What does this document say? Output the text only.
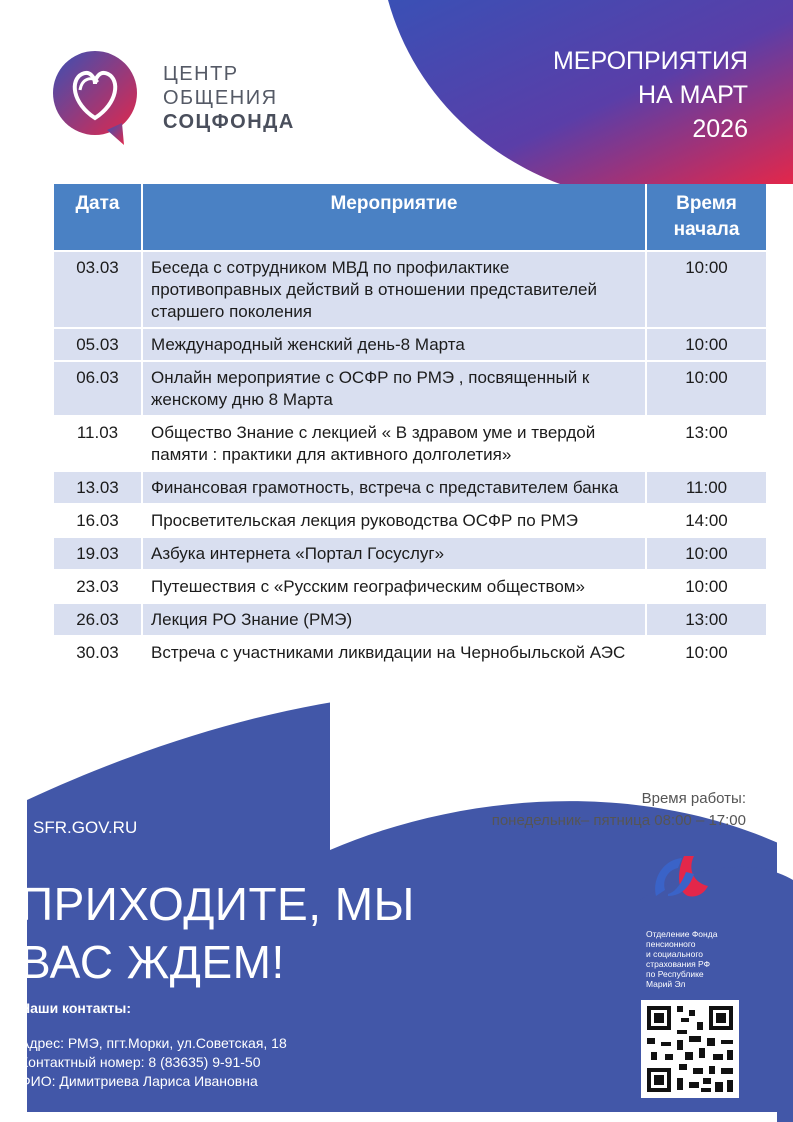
ЦЕНТР
ОБЩЕНИЯ
СОЦФОНДА
МЕРОПРИЯТИЯ
НА МАРТ
2026
Дата	Мероприятие	Время
начала

03.03	Беседа с сотрудником МВД по профилактике противоправных действий в отношении представителей старшего поколения	10:00
05.03	Международный женский день-8 Марта	10:00
06.03	Онлайн мероприятие с ОСФР по РМЭ , посвященный к женскому дню 8 Марта	10:00
11.03	Общество Знание с лекцией « В здравом уме и твердой памяти : практики для активного долголетия»	13:00
13.03	Финансовая грамотность, встреча с представителем банка	11:00
16.03	Просветительская лекция руководства ОСФР по РМЭ	14:00
19.03	Азбука интернета «Портал Госуслуг»	10:00
23.03	Путешествия с «Русским географическим обществом»	10:00
26.03	Лекция РО Знание (РМЭ)	13:00
30.03	Встреча с участниками ликвидации на Чернобыльской АЭС	10:00
Время работы:
понедельник– пятница 08:00 – 17:00
SFR.GOV.RU
ПРИХОДИТЕ, МЫ
ВАС ЖДЕМ!
Наши контакты:
Адрес: РМЭ, пгт.Морки, ул.Советская, 18
Контактный номер: 8 (83635) 9-91-50
ФИО: Димитриева Лариса Ивановна
Отделение Фонда
пенсионного
и социального
страхования РФ
по Республике
Марий Эл
